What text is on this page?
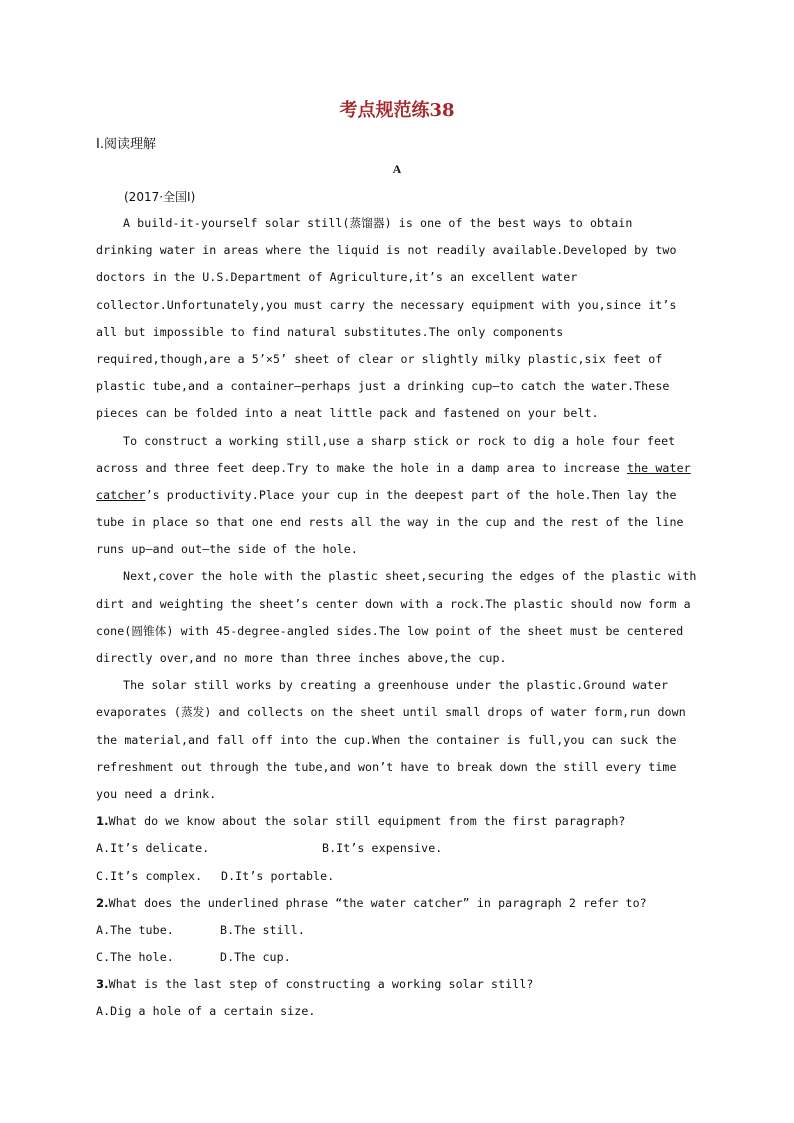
考点规范练38
Ⅰ.阅读理解
A
(2017·全国Ⅰ)
A build-it-yourself solar still(蒸馏器) is one of the best ways to obtain
drinking water in areas where the liquid is not readily available.Developed by two
doctors in the U.S.Department of Agriculture,it’s an excellent water
collector.Unfortunately,you must carry the necessary equipment with you,since it’s
all but impossible to find natural substitutes.The only components
required,though,are a 5’×5’ sheet of clear or slightly milky plastic,six feet of
plastic tube,and a container—perhaps just a drinking cup—to catch the water.These
pieces can be folded into a neat little pack and fastened on your belt.
To construct a working still,use a sharp stick or rock to dig a hole four feet
across and three feet deep.Try to make the hole in a damp area to increase the water
catcher’s productivity.Place your cup in the deepest part of the hole.Then lay the
tube in place so that one end rests all the way in the cup and the rest of the line
runs up—and out—the side of the hole.
Next,cover the hole with the plastic sheet,securing the edges of the plastic with
dirt and weighting the sheet’s center down with a rock.The plastic should now form a
cone(圆锥体) with 45-degree-angled sides.The low point of the sheet must be centered
directly over,and no more than three inches above,the cup.
The solar still works by creating a greenhouse under the plastic.Ground water
evaporates (蒸发) and collects on the sheet until small drops of water form,run down
the material,and fall off into the cup.When the container is full,you can suck the
refreshment out through the tube,and won’t have to break down the still every time
you need a drink.
1.What do we know about the solar still equipment from the first paragraph?
A.It’s delicate.	B.It’s expensive.
C.It’s complex. D.It’s portable.
2.What does the underlined phrase “the water catcher” in paragraph 2 refer to?
A.The tube.	B.The still.
C.The hole.	D.The cup.
3.What is the last step of constructing a working solar still?
A.Dig a hole of a certain size.
